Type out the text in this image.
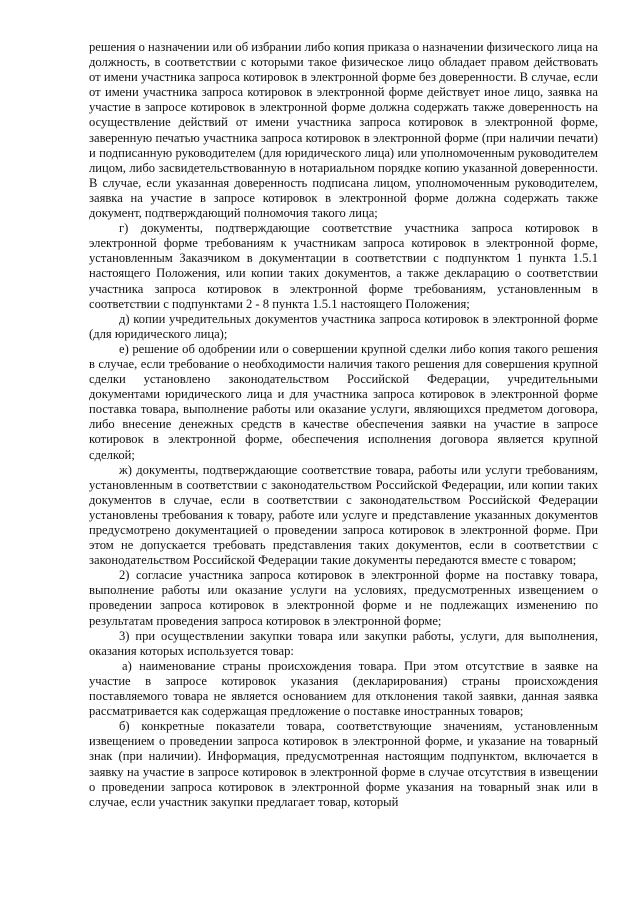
решения о назначении или об избрании либо копия приказа о назначении физического лица на должность, в соответствии с которыми такое физическое лицо обладает правом действовать от имени участника запроса котировок в электронной форме без доверенности. В случае, если от имени участника запроса котировок в электронной форме действует иное лицо, заявка на участие в запросе котировок в электронной форме должна содержать также доверенность на осуществление действий от имени участника запроса котировок в электронной форме, заверенную печатью участника запроса котировок в электронной форме (при наличии печати) и подписанную руководителем (для юридического лица) или уполномоченным руководителем лицом, либо засвидетельствованную в нотариальном порядке копию указанной доверенности. В случае, если указанная доверенность подписана лицом, уполномоченным руководителем, заявка на участие в запросе котировок в электронной форме должна содержать также документ, подтверждающий полномочия такого лица;

г) документы, подтверждающие соответствие участника запроса котировок в электронной форме требованиям к участникам запроса котировок в электронной форме, установленным Заказчиком в документации в соответствии с подпунктом 1 пункта 1.5.1 настоящего Положения, или копии таких документов, а также декларацию о соответствии участника запроса котировок в электронной форме требованиям, установленным в соответствии с подпунктами 2 - 8 пункта 1.5.1 настоящего Положения;

д) копии учредительных документов участника запроса котировок в электронной форме (для юридического лица);

е) решение об одобрении или о совершении крупной сделки либо копия такого решения в случае, если требование о необходимости наличия такого решения для совершения крупной сделки установлено законодательством Российской Федерации, учредительными документами юридического лица и для участника запроса котировок в электронной форме поставка товара, выполнение работы или оказание услуги, являющихся предметом договора, либо внесение денежных средств в качестве обеспечения заявки на участие в запросе котировок в электронной форме, обеспечения исполнения договора является крупной сделкой;

ж) документы, подтверждающие соответствие товара, работы или услуги требованиям, установленным в соответствии с законодательством Российской Федерации, или копии таких документов в случае, если в соответствии с законодательством Российской Федерации установлены требования к товару, работе или услуге и представление указанных документов предусмотрено документацией о проведении запроса котировок в электронной форме. При этом не допускается требовать представления таких документов, если в соответствии с законодательством Российской Федерации такие документы передаются вместе с товаром;

2) согласие участника запроса котировок в электронной форме на поставку товара, выполнение работы или оказание услуги на условиях, предусмотренных извещением о проведении запроса котировок в электронной форме и не подлежащих изменению по результатам проведения запроса котировок в электронной форме;

3) при осуществлении закупки товара или закупки работы, услуги, для выполнения, оказания которых используется товар:

а) наименование страны происхождения товара. При этом отсутствие в заявке на участие в запросе котировок указания (декларирования) страны происхождения поставляемого товара не является основанием для отклонения такой заявки, данная заявка рассматривается как содержащая предложение о поставке иностранных товаров;

б) конкретные показатели товара, соответствующие значениям, установленным извещением о проведении запроса котировок в электронной форме, и указание на товарный знак (при наличии). Информация, предусмотренная настоящим подпунктом, включается в заявку на участие в запросе котировок в электронной форме в случае отсутствия в извещении о проведении запроса котировок в электронной форме указания на товарный знак или в случае, если участник закупки предлагает товар, который
